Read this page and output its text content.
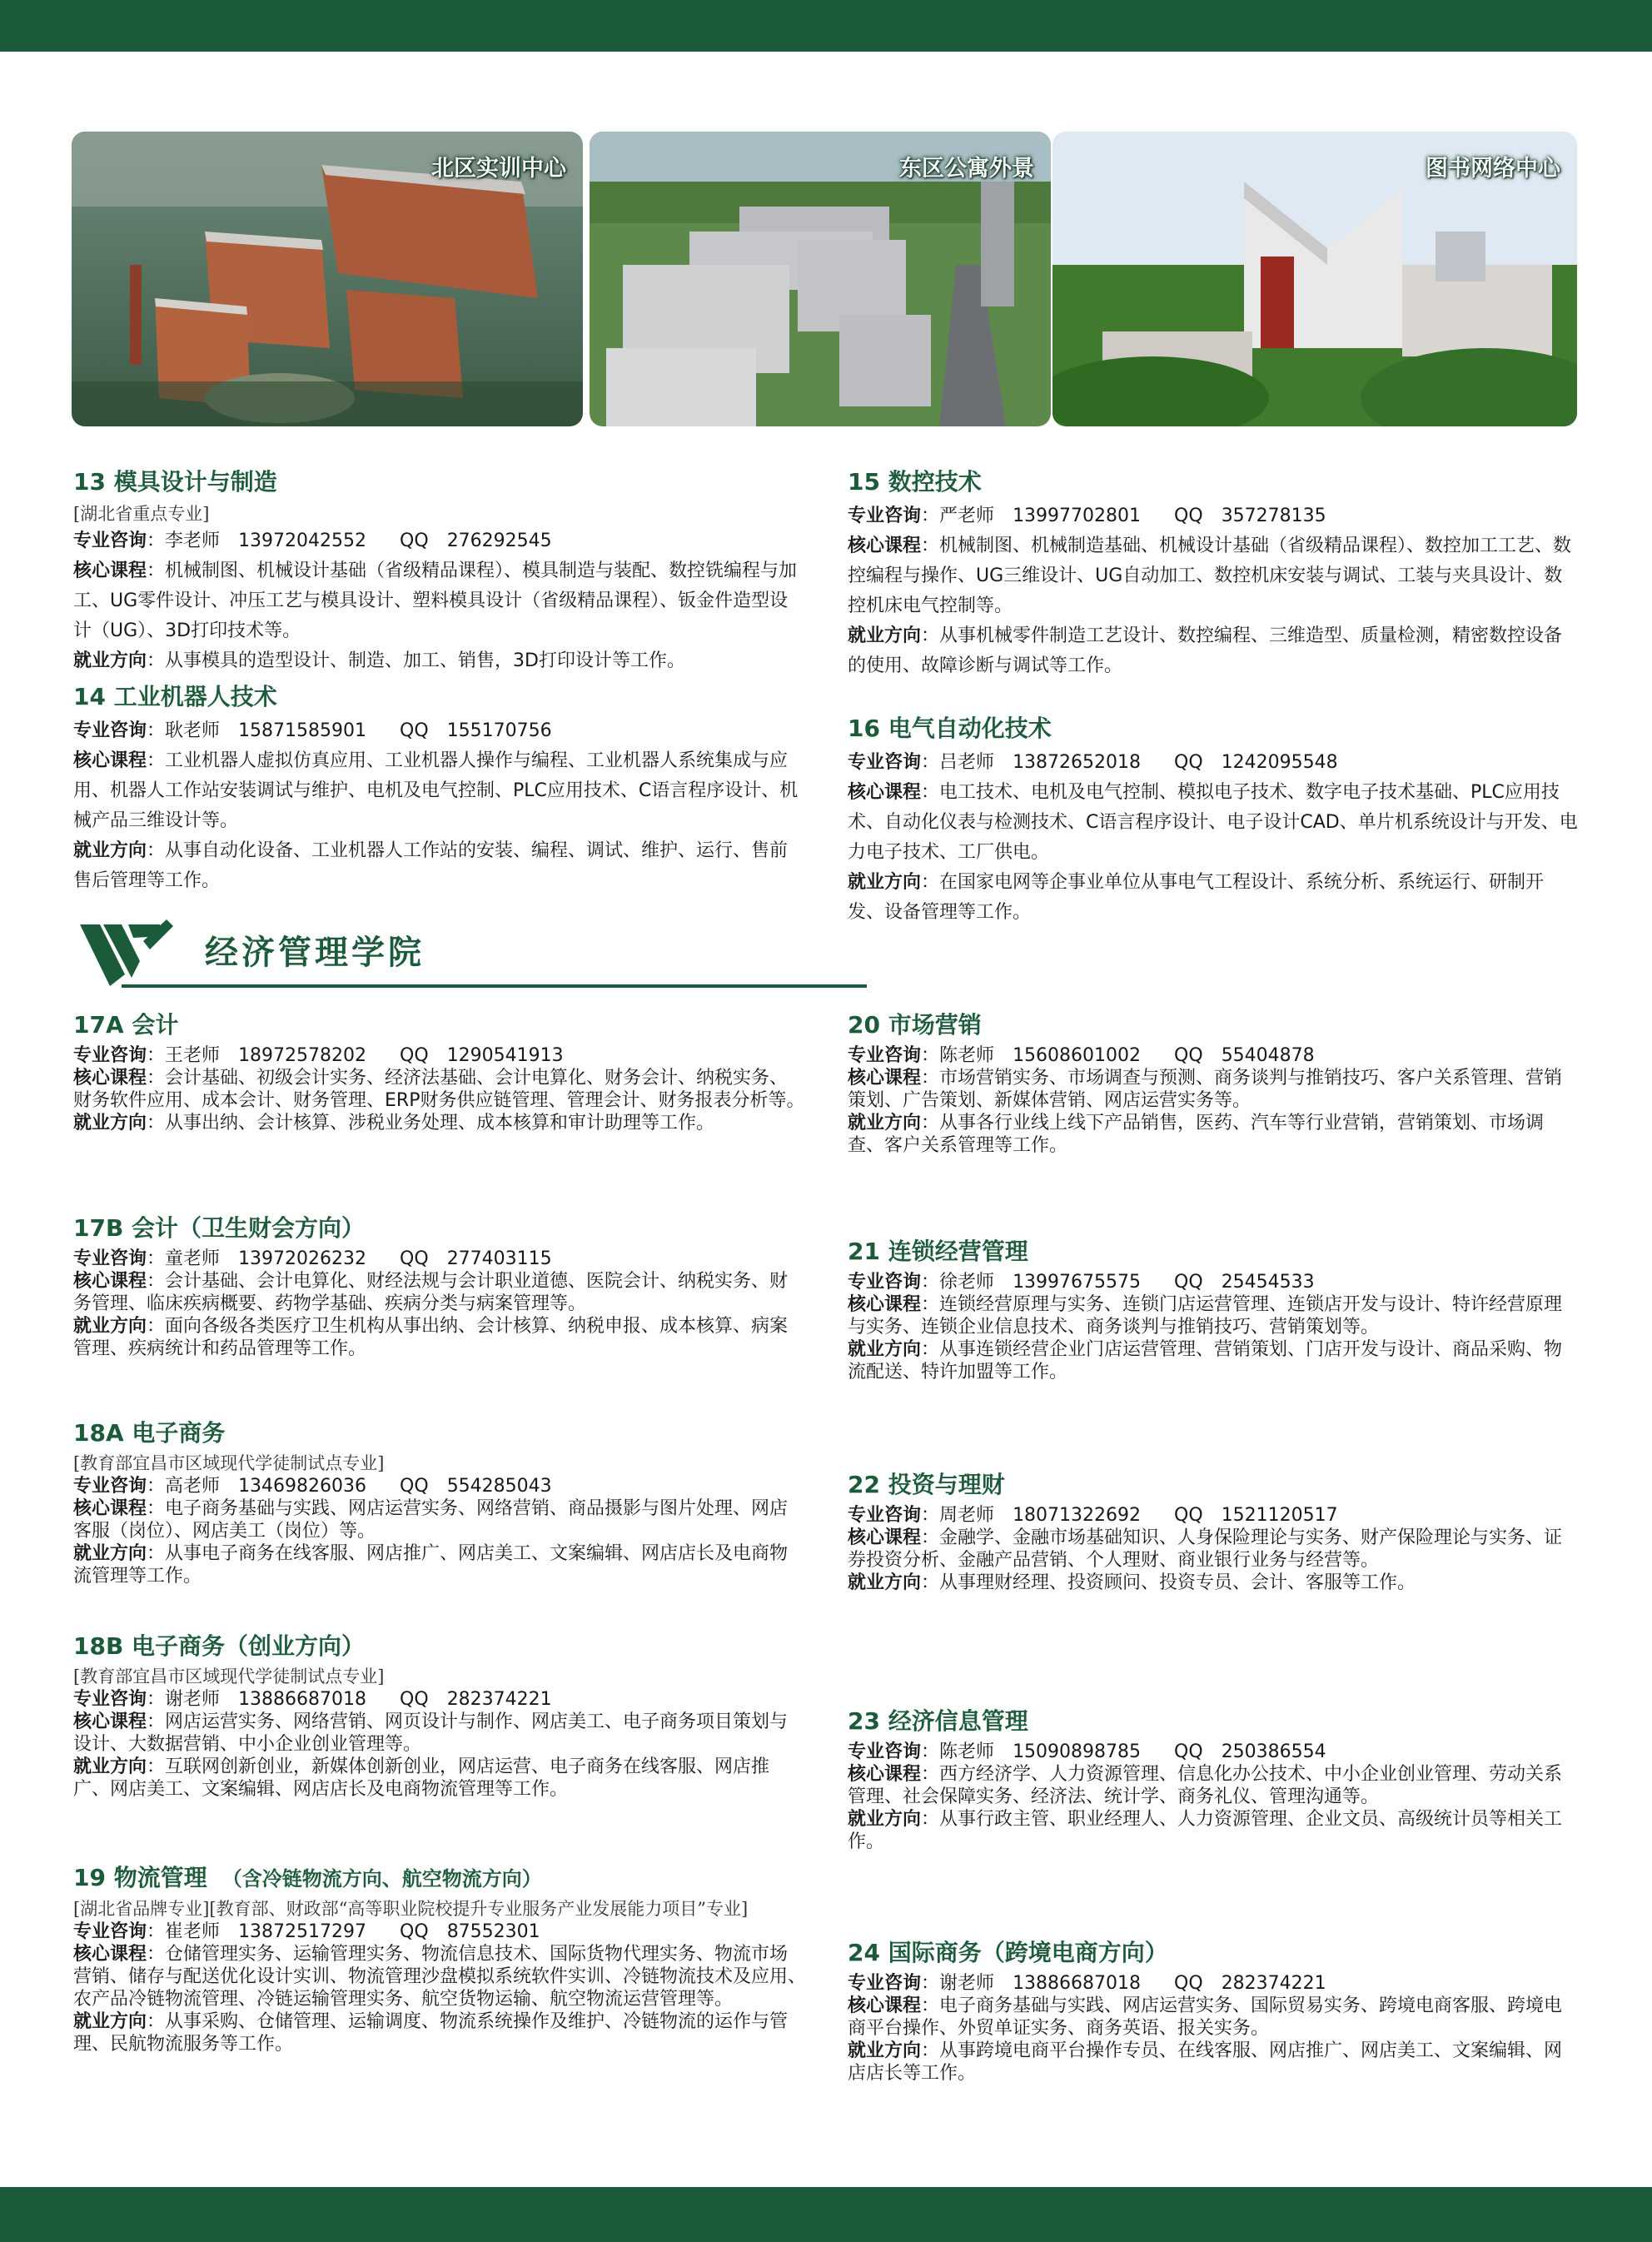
北区实训中心	东区公寓外景	图书网络中心
13 模具设计与制造
[湖北省重点专业]

专业咨询：李老师　 13972042552 QQ　 276292545

核心课程：机械制图、机械设计基础（省级精品课程）、模具制造与装配、数控铣编程与加工、UG零件设计、冲压工艺与模具设计、塑料模具设计（省级精品课程）、钣金件造型设计（UG）、3D打印技术等。

就业方向：从事模具的造型设计、制造、加工、销售，3D打印设计等工作。

14 工业机器人技术

专业咨询：耿老师　 15871585901 QQ　 155170756

核心课程：工业机器人虚拟仿真应用、工业机器人操作与编程、工业机器人系统集成与应用、机器人工作站安装调试与维护、电机及电气控制、PLC应用技术、C语言程序设计、机械产品三维设计等。

就业方向：从事自动化设备、工业机器人工作站的安装、编程、调试、维护、运行、售前售后管理等工作。

经济管理学院
17A 会计

专业咨询：王老师　 18972578202 QQ　 1290541913

核心课程：会计基础、初级会计实务、经济法基础、会计电算化、财务会计、纳税实务、财务软件应用、成本会计、财务管理、ERP财务供应链管理、管理会计、财务报表分析等。

就业方向：从事出纳、会计核算、涉税业务处理、成本核算和审计助理等工作。

17B 会计（卫生财会方向）

专业咨询：童老师　 13972026232 QQ　 277403115

核心课程：会计基础、会计电算化、财经法规与会计职业道德、医院会计、纳税实务、财务管理、临床疾病概要、药物学基础、疾病分类与病案管理等。

就业方向：面向各级各类医疗卫生机构从事出纳、会计核算、纳税申报、成本核算、病案管理、疾病统计和药品管理等工作。

18A 电子商务
[教育部宜昌市区域现代学徒制试点专业]

专业咨询：高老师　 13469826036 QQ　 554285043

核心课程：电子商务基础与实践、网店运营实务、网络营销、商品摄影与图片处理、网店客服（岗位）、网店美工（岗位）等。

就业方向：从事电子商务在线客服、网店推广、网店美工、文案编辑、网店店长及电商物流管理等工作。

18B 电子商务（创业方向）
[教育部宜昌市区域现代学徒制试点专业]

专业咨询：谢老师　 13886687018 QQ　 282374221

核心课程：网店运营实务、网络营销、网页设计与制作、网店美工、电子商务项目策划与设计、大数据营销、中小企业创业管理等。

就业方向：互联网创新创业，新媒体创新创业，网店运营、电子商务在线客服、网店推广、网店美工、文案编辑、网店店长及电商物流管理等工作。

19 物流管理 （含冷链物流方向、航空物流方向）
[湖北省品牌专业][教育部、财政部“高等职业院校提升专业服务产业发展能力项目”专业]

专业咨询：崔老师　 13872517297 QQ　 87552301

核心课程：仓储管理实务、运输管理实务、物流信息技术、国际货物代理实务、物流市场营销、储存与配送优化设计实训、物流管理沙盘模拟系统软件实训、冷链物流技术及应用、农产品冷链物流管理、冷链运输管理实务、航空货物运输、航空物流运营管理等。

就业方向：从事采购、仓储管理、运输调度、物流系统操作及维护、冷链物流的运作与管理、民航物流服务等工作。

15 数控技术

专业咨询：严老师　 13997702801 QQ　 357278135

核心课程：机械制图、机械制造基础、机械设计基础（省级精品课程）、数控加工工艺、数控编程与操作、UG三维设计、UG自动加工、数控机床安装与调试、工装与夹具设计、数控机床电气控制等。

就业方向：从事机械零件制造工艺设计、数控编程、三维造型、质量检测，精密数控设备的使用、故障诊断与调试等工作。

16 电气自动化技术

专业咨询：吕老师　 13872652018 QQ　 1242095548

核心课程：电工技术、电机及电气控制、模拟电子技术、数字电子技术基础、PLC应用技术、自动化仪表与检测技术、C语言程序设计、电子设计CAD、单片机系统设计与开发、电力电子技术、工厂供电。

就业方向：在国家电网等企事业单位从事电气工程设计、系统分析、系统运行、研制开发、设备管理等工作。

20 市场营销

专业咨询：陈老师　 15608601002 QQ　 55404878

核心课程：市场营销实务、市场调查与预测、商务谈判与推销技巧、客户关系管理、营销策划、广告策划、新媒体营销、网店运营实务等。

就业方向：从事各行业线上线下产品销售，医药、汽车等行业营销，营销策划、市场调查、客户关系管理等工作。

21 连锁经营管理

专业咨询：徐老师　 13997675575 QQ　 25454533

核心课程：连锁经营原理与实务、连锁门店运营管理、连锁店开发与设计、特许经营原理与实务、连锁企业信息技术、商务谈判与推销技巧、营销策划等。

就业方向：从事连锁经营企业门店运营管理、营销策划、门店开发与设计、商品采购、物流配送、特许加盟等工作。

22 投资与理财

专业咨询：周老师　 18071322692 QQ　 1521120517

核心课程：金融学、金融市场基础知识、人身保险理论与实务、财产保险理论与实务、证券投资分析、金融产品营销、个人理财、商业银行业务与经营等。

就业方向：从事理财经理、投资顾问、投资专员、会计、客服等工作。

23 经济信息管理

专业咨询：陈老师　 15090898785 QQ　 250386554

核心课程：西方经济学、人力资源管理、信息化办公技术、中小企业创业管理、劳动关系管理、社会保障实务、经济法、统计学、商务礼仪、管理沟通等。

就业方向：从事行政主管、职业经理人、人力资源管理、企业文员、高级统计员等相关工作。

24 国际商务（跨境电商方向）

专业咨询：谢老师　 13886687018 QQ　 282374221

核心课程：电子商务基础与实践、网店运营实务、国际贸易实务、跨境电商客服、跨境电商平台操作、外贸单证实务、商务英语、报关实务。

就业方向：从事跨境电商平台操作专员、在线客服、网店推广、网店美工、文案编辑、网店店长等工作。
